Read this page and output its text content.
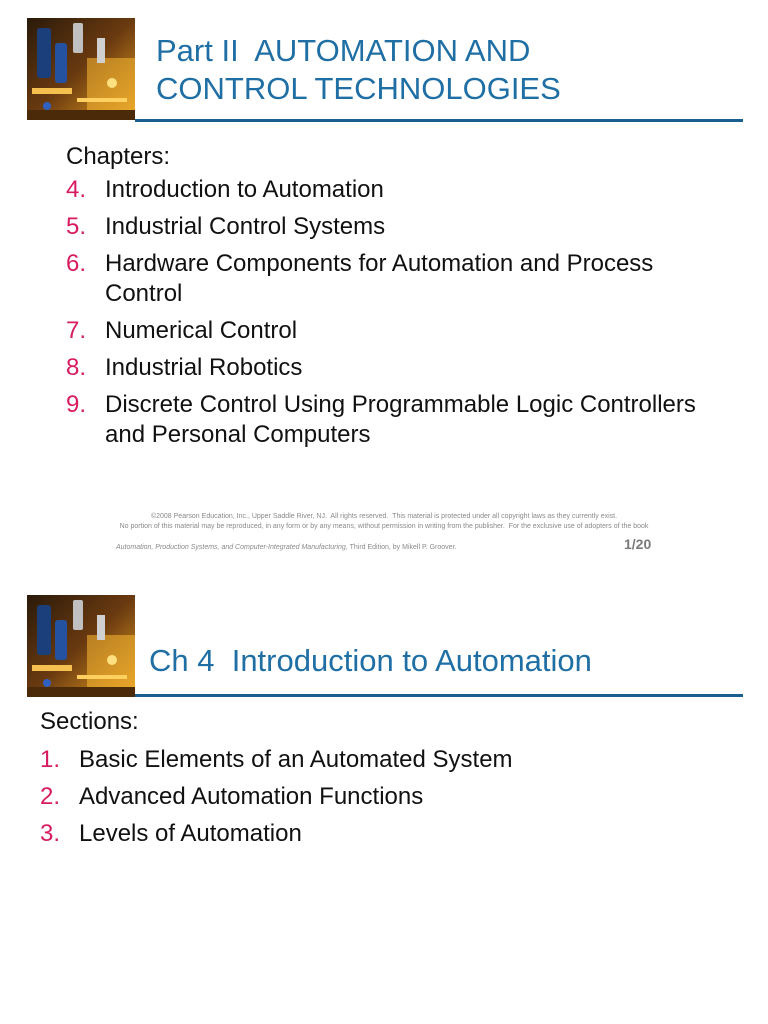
Part II  AUTOMATION AND
CONTROL TECHNOLOGIES
Chapters:
4. Introduction to Automation
5. Industrial Control Systems
6. Hardware Components for Automation and Process Control
7. Numerical Control
8. Industrial Robotics
9. Discrete Control Using Programmable Logic Controllers and Personal Computers
©2008 Pearson Education, Inc., Upper Saddle River, NJ.  All rights reserved.  This material is protected under all copyright laws as they currently exist.
No portion of this material may be reproduced, in any form or by any means, without permission in writing from the publisher.  For the exclusive use of adopters of the book
Automation, Production Systems, and Computer-Integrated Manufacturing, Third Edition, by Mikell P. Groover.	1/20
Ch 4  Introduction to Automation
Sections:
1. Basic Elements of an Automated System
2. Advanced Automation Functions
3. Levels of Automation
